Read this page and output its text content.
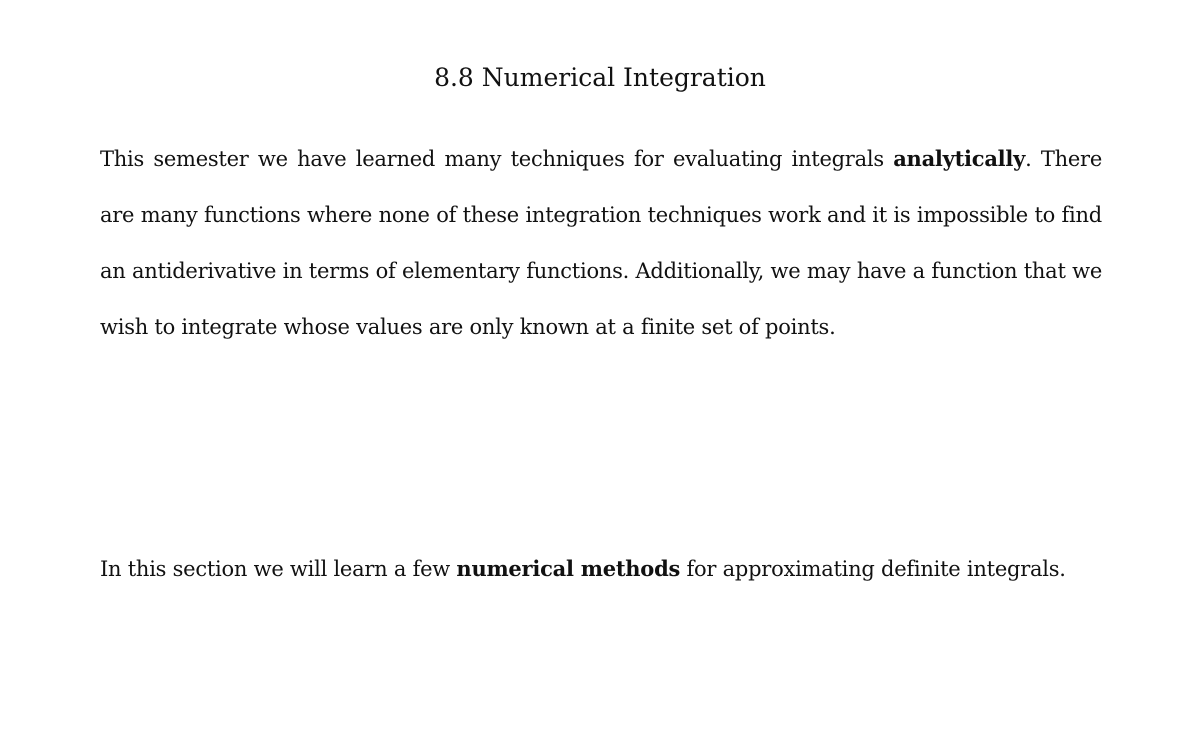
8.8 Numerical Integration

This semester we have learned many techniques for evaluating integrals analytically. There are many functions where none of these integration techniques work and it is impossible to find an antiderivative in terms of elementary functions. Additionally, we may have a function that we wish to integrate whose values are only known at a finite set of points.

In this section we will learn a few numerical methods for approximating definite integrals.
